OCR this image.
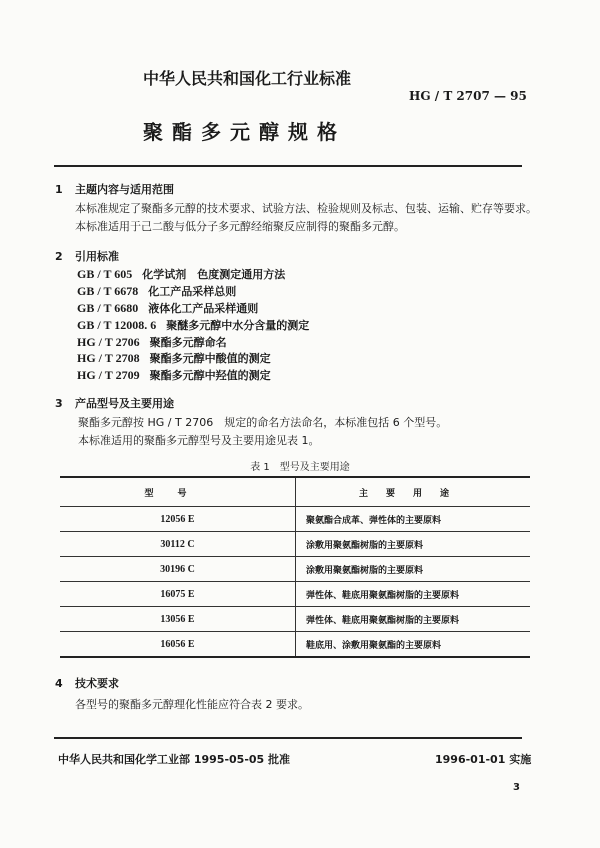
中华人民共和国化工行业标准
HG / T 2707 — 95
聚酯多元醇规格
1 主题内容与适用范围
本标准规定了聚酯多元醇的技术要求、试验方法、检验规则及标志、包装、运输、贮存等要求。
本标准适用于己二酸与低分子多元醇经缩聚反应制得的聚酯多元醇。
2 引用标准
GB / T 605 化学试剂　色度测定通用方法
GB / T 6678 化工产品采样总则
GB / T 6680 液体化工产品采样通则
GB / T 12008. 6 聚醚多元醇中水分含量的测定
HG / T 2706 聚酯多元醇命名
HG / T 2708 聚酯多元醇中酸值的测定
HG / T 2709 聚酯多元醇中羟值的测定
3 产品型号及主要用途
聚酯多元醇按 HG / T 2706　规定的命名方法命名，本标准包括 6 个型号。
本标准适用的聚酯多元醇型号及主要用途见表 1。
表 1　型号及主要用途
型号	主要用途
12056 E	聚氨酯合成革、弹性体的主要原料
30112 C	涂敷用聚氨酯树脂的主要原料
30196 C	涂敷用聚氨酯树脂的主要原料
16075 E	弹性体、鞋底用聚氨酯树脂的主要原料
13056 E	弹性体、鞋底用聚氨酯树脂的主要原料
16056 E	鞋底用、涂敷用聚氨酯的主要原料
4 技术要求
各型号的聚酯多元醇理化性能应符合表 2 要求。
中华人民共和国化学工业部 1995-05-05 批准	1996-01-01 实施
3
